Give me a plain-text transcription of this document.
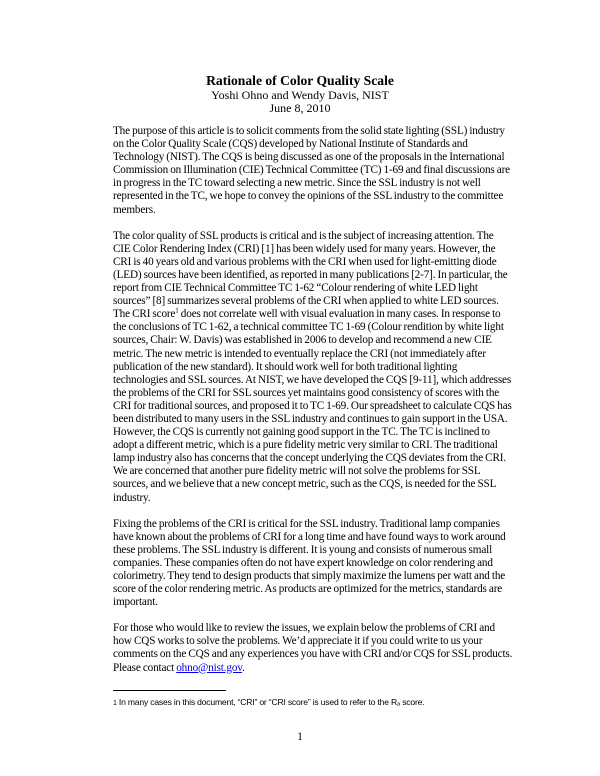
Rationale of Color Quality Scale
Yoshi Ohno and Wendy Davis, NIST
June 8, 2010

The purpose of this article is to solicit comments from the solid state lighting (SSL) industry on the Color Quality Scale (CQS) developed by National Institute of Standards and Technology (NIST). The CQS is being discussed as one of the proposals in the International Commission on Illumination (CIE) Technical Committee (TC) 1-69 and final discussions are in progress in the TC toward selecting a new metric. Since the SSL industry is not well represented in the TC, we hope to convey the opinions of the SSL industry to the committee members.

The color quality of SSL products is critical and is the subject of increasing attention. The CIE Color Rendering Index (CRI) [1] has been widely used for many years. However, the CRI is 40 years old and various problems with the CRI when used for light-emitting diode (LED) sources have been identified, as reported in many publications [2-7]. In particular, the report from CIE Technical Committee TC 1-62 “Colour rendering of white LED light sources” [8] summarizes several problems of the CRI when applied to white LED sources. The CRI score$^1$ does not correlate well with visual evaluation in many cases. In response to the conclusions of TC 1-62, a technical committee TC 1-69 (Colour rendition by white light sources, Chair: W. Davis) was established in 2006 to develop and recommend a new CIE metric. The new metric is intended to eventually replace the CRI (not immediately after publication of the new standard). It should work well for both traditional lighting technologies and SSL sources. At NIST, we have developed the CQS [9-11], which addresses the problems of the CRI for SSL sources yet maintains good consistency of scores with the CRI for traditional sources, and proposed it to TC 1-69. Our spreadsheet to calculate CQS has been distributed to many users in the SSL industry and continues to gain support in the USA. However, the CQS is currently not gaining good support in the TC. The TC is inclined to adopt a different metric, which is a pure fidelity metric very similar to CRI. The traditional lamp industry also has concerns that the concept underlying the CQS deviates from the CRI. We are concerned that another pure fidelity metric will not solve the problems for SSL sources, and we believe that a new concept metric, such as the CQS, is needed for the SSL industry.

Fixing the problems of the CRI is critical for the SSL industry. Traditional lamp companies have known about the problems of CRI for a long time and have found ways to work around these problems. The SSL industry is different. It is young and consists of numerous small companies. These companies often do not have expert knowledge on color rendering and colorimetry. They tend to design products that simply maximize the lumens per watt and the score of the color rendering metric. As products are optimized for the metrics, standards are important.

For those who would like to review the issues, we explain below the problems of CRI and how CQS works to solve the problems. We’d appreciate it if you could write to us your comments on the CQS and any experiences you have with CRI and/or CQS for SSL products. Please contact ohno@nist.gov.

1 In many cases in this document, “CRI” or “CRI score” is used to refer to the Rₐ score.
1
